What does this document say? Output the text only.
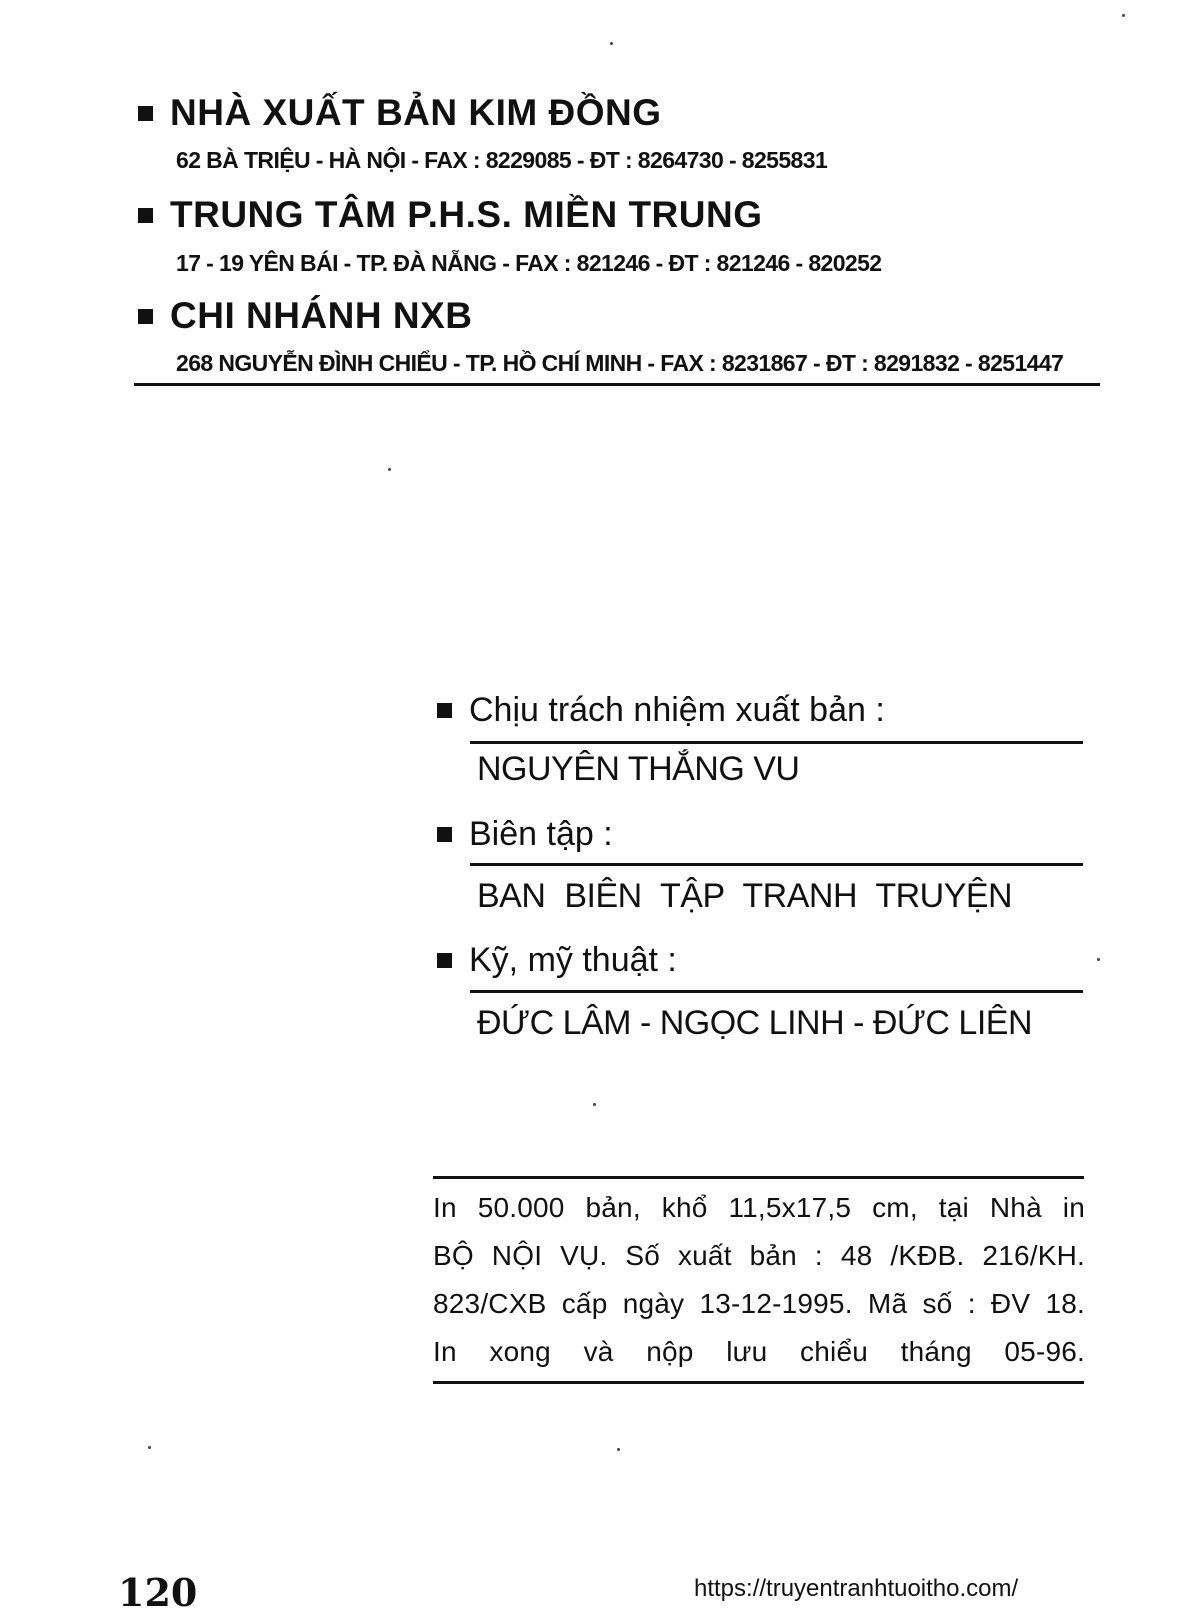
NHÀ XUẤT BẢN KIM ĐỒNG
62 BÀ TRIỆU - HÀ NỘI - FAX : 8229085 - ĐT : 8264730 - 8255831
TRUNG TÂM P.H.S. MIỀN TRUNG
17 - 19 YÊN BÁI - TP. ĐÀ NẴNG - FAX : 821246 - ĐT : 821246 - 820252
CHI NHÁNH NXB
268 NGUYỄN ĐÌNH CHIỂU - TP. HỒ CHÍ MINH - FAX : 8231867 - ĐT : 8291832 - 8251447
Chịu trách nhiệm xuất bản :
NGUYÊN THẮNG VU
Biên tập :
BAN BIÊN TẬP TRANH TRUYỆN
Kỹ, mỹ thuật :
ĐỨC LÂM - NGỌC LINH - ĐỨC LIÊN
In 50.000 bản, khổ 11,5x17,5 cm, tại Nhà in
BỘ NỘI VỤ. Số xuất bản : 48 /KĐB. 216/KH.
823/CXB cấp ngày 13-12-1995. Mã số : ĐV 18.
In xong và nộp lưu chiểu tháng 05-96.
120	https://truyentranhtuoitho.com/
